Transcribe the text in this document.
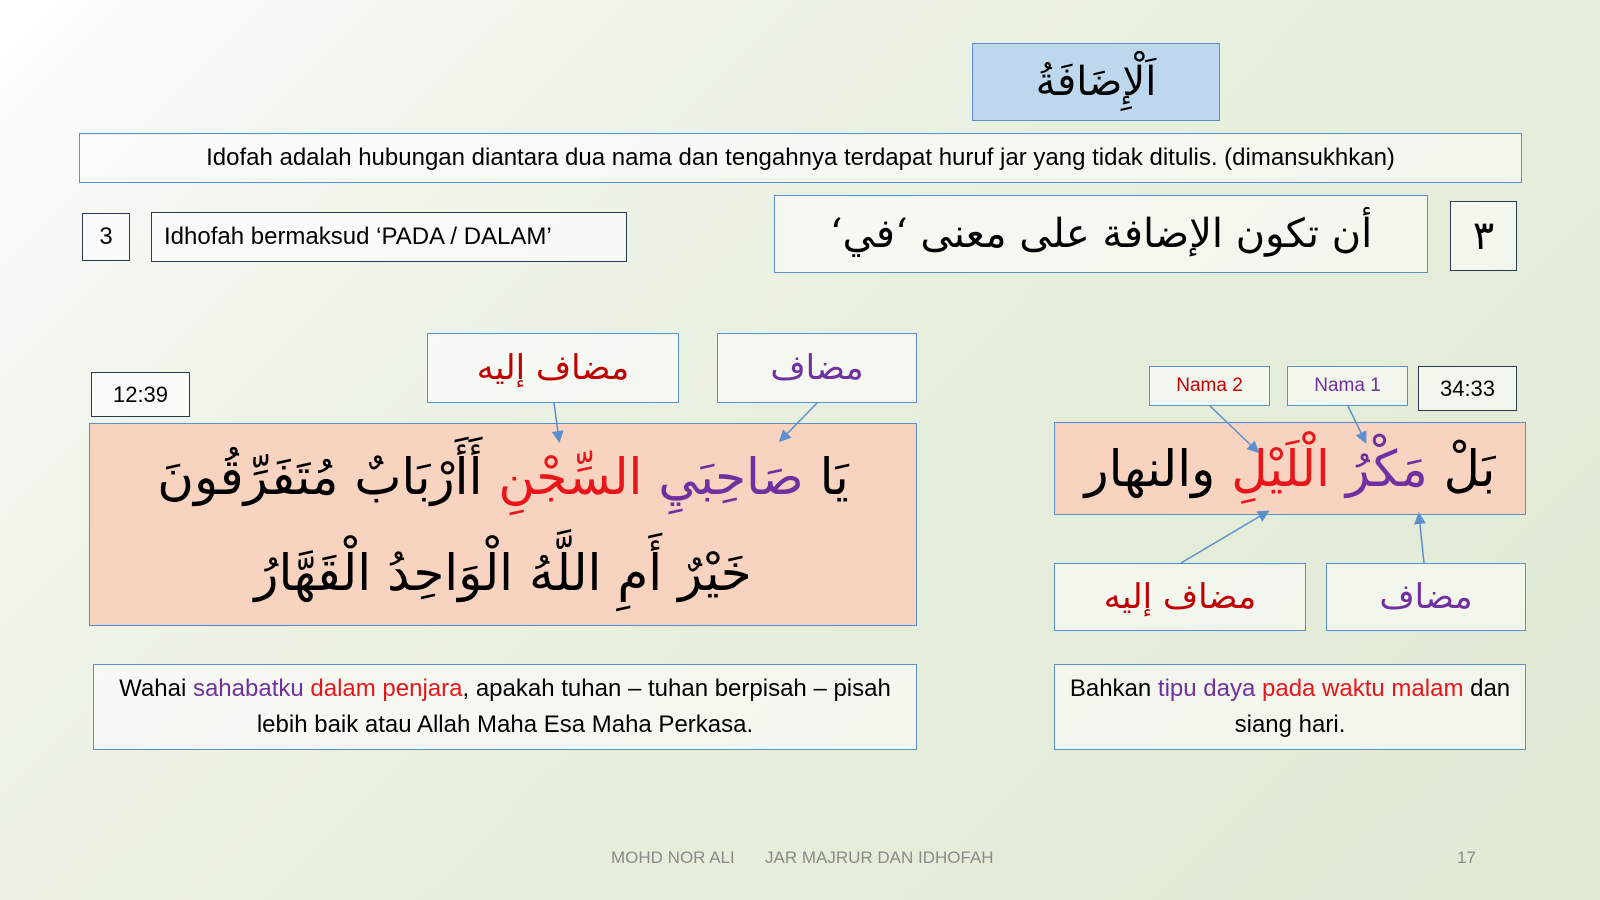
اَلْإِضَافَةُ
Idofah adalah hubungan diantara dua nama dan tengahnya terdapat huruf jar yang tidak ditulis. (dimansukhkan)
3 Idhofah bermaksud ‘PADA / DALAM’	أن تكون الإضافة على معنى ‘في‘	٣
مضاف إليه	مضاف
12:39
يَا صَاحِبَيِ السِّجْنِ أَأَرْبَابٌ مُتَفَرِّقُونَ
خَيْرٌ أَمِ اللَّهُ الْوَاحِدُ الْقَهَّارُ
Wahai sahabatku dalam penjara, apakah tuhan – tuhan berpisah – pisah lebih baik atau Allah Maha Esa Maha Perkasa.
Nama 2	Nama 1	34:33
بَلْ مَكْرُ الْلَيْلِ والنهار
مضاف إليه	مضاف
Bahkan tipu daya pada waktu malam dan siang hari.
MOHD NOR ALI JAR MAJRUR DAN IDHOFAH	17
